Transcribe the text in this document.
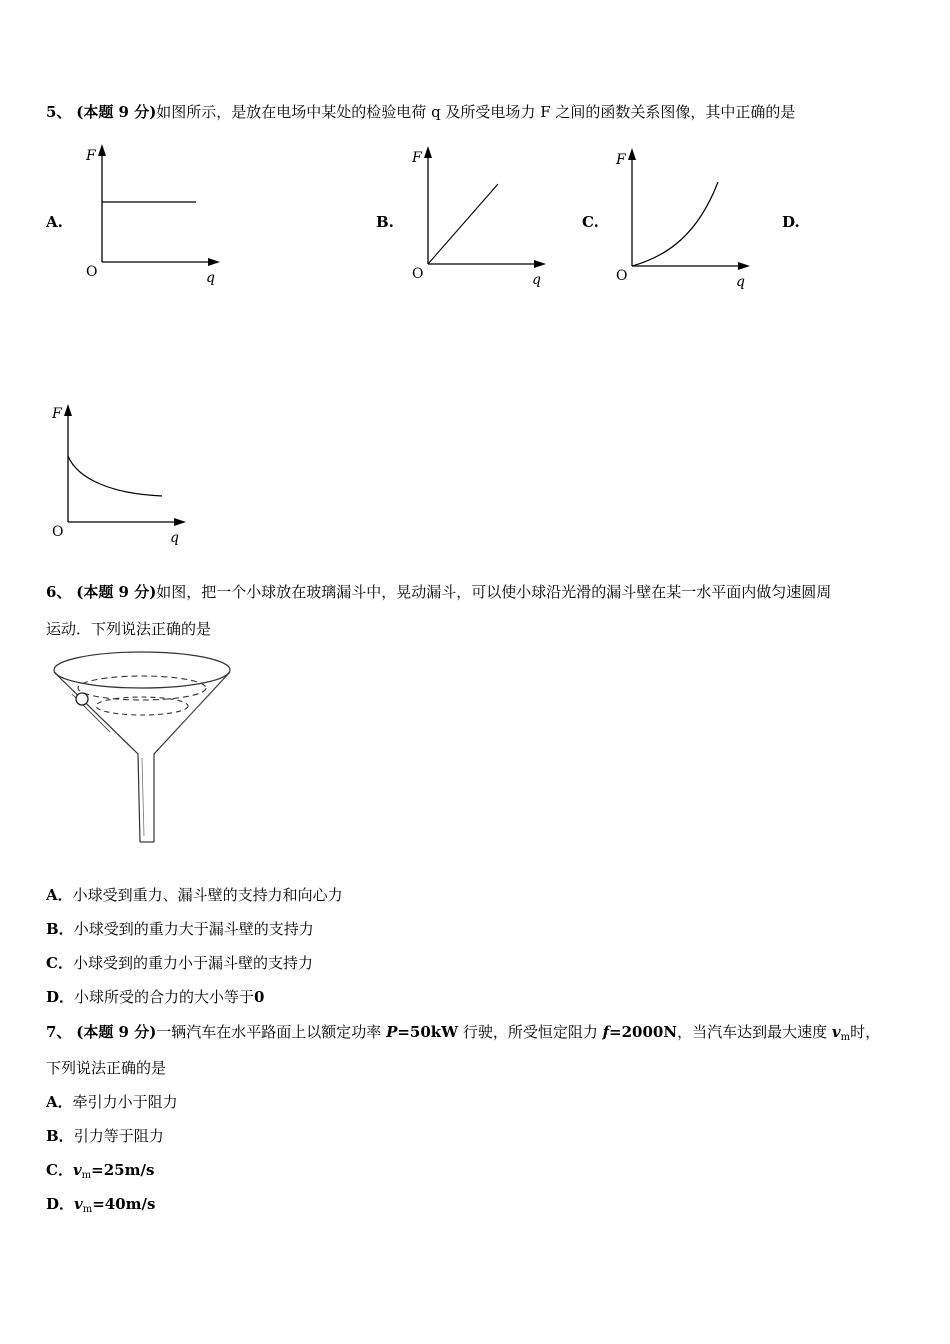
5、 (本题 9 分)如图所示，是放在电场中某处的检验电荷 q 及所受电场力 F 之间的函数关系图像，其中正确的是
A.	B.	C.	D.
F
O	q
F
O	q
F
O	q
F
O	q
6、 (本题 9 分)如图，把一个小球放在玻璃漏斗中，晃动漏斗，可以使小球沿光滑的漏斗壁在某一水平面内做匀速圆周
运动．下列说法正确的是
A．小球受到重力、漏斗壁的支持力和向心力
B．小球受到的重力大于漏斗壁的支持力
C．小球受到的重力小于漏斗壁的支持力
D．小球所受的合力的大小等于0
7、 (本题 9 分)一辆汽车在水平路面上以额定功率 P=50kW 行驶，所受恒定阻力 f=2000N，当汽车达到最大速度 $v_m$时，
下列说法正确的是
A．牵引力小于阻力
B．引力等于阻力
C．$v_m=25m/s$
D．$v_m=40m/s$
